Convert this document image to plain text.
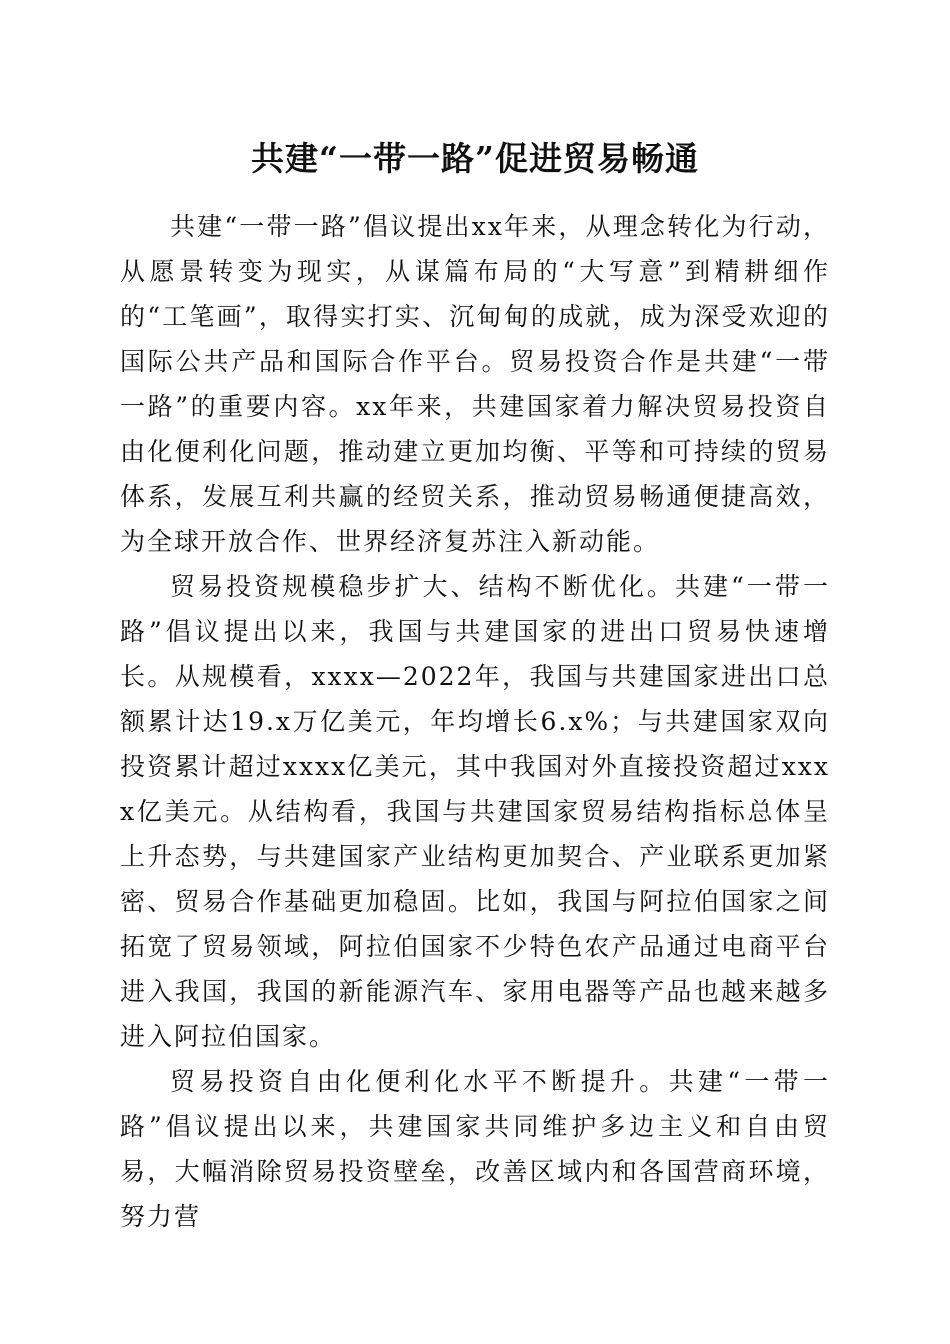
共建“一带一路”促进贸易畅通

共建“一带一路”倡议提出xx年来，从理念转化为行动，从愿景转变为现实，从谋篇布局的“大写意”到精耕细作的“工笔画”，取得实打实、沉甸甸的成就，成为深受欢迎的国际公共产品和国际合作平台。贸易投资合作是共建“一带一路”的重要内容。xx年来，共建国家着力解决贸易投资自由化便利化问题，推动建立更加均衡、平等和可持续的贸易体系，发展互利共赢的经贸关系，推动贸易畅通便捷高效，为全球开放合作、世界经济复苏注入新动能。

贸易投资规模稳步扩大、结构不断优化。共建“一带一路”倡议提出以来，我国与共建国家的进出口贸易快速增长。从规模看，xxxx—2022年，我国与共建国家进出口总额累计达19.x万亿美元，年均增长6.x%；与共建国家双向投资累计超过xxxx亿美元，其中我国对外直接投资超过xxxx亿美元。从结构看，我国与共建国家贸易结构指标总体呈上升态势，与共建国家产业结构更加契合、产业联系更加紧密、贸易合作基础更加稳固。比如，我国与阿拉伯国家之间拓宽了贸易领域，阿拉伯国家不少特色农产品通过电商平台进入我国，我国的新能源汽车、家用电器等产品也越来越多进入阿拉伯国家。

贸易投资自由化便利化水平不断提升。共建“一带一路”倡议提出以来，共建国家共同维护多边主义和自由贸易，大幅消除贸易投资壁垒，改善区域内和各国营商环境，努力营
